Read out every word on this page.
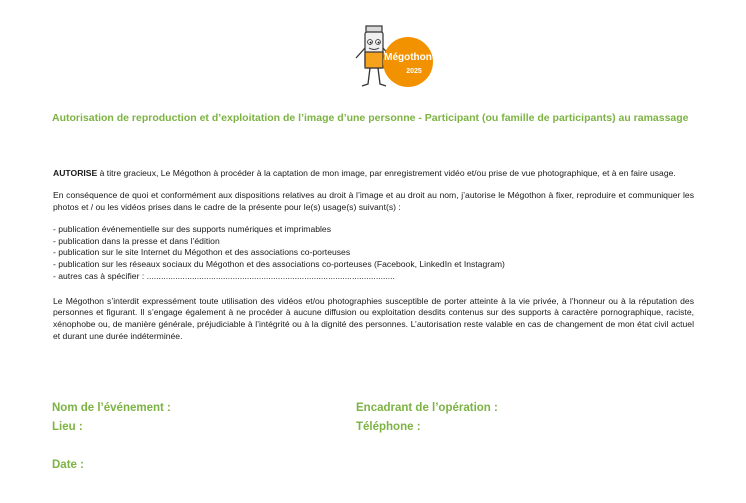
Mégothon
2025
Autorisation de reproduction et d’exploitation de l’image d’une personne - Participant (ou famille de participants) au ramassage

AUTORISE à titre gracieux, Le Mégothon à procéder à la captation de mon image, par enregistrement vidéo et/ou prise de vue photographique, et à en faire usage.

En conséquence de quoi et conformément aux dispositions relatives au droit à l’image et au droit au nom, j’autorise le Mégothon à fixer, reproduire et communiquer les photos et / ou les vidéos prises dans le cadre de la présente pour le(s) usage(s) suivant(s) :

- publication événementielle sur des supports numériques et imprimables
- publication dans la presse et dans l’édition
- publication sur le site Internet du Mégothon et des associations co-porteuses
- publication sur les réseaux sociaux du Mégothon et des associations co-porteuses (Facebook, LinkedIn et Instagram)
- autres cas à spécifier : ........................................................................................................

Le Mégothon s’interdit expressément toute utilisation des vidéos et/ou photographies susceptible de porter atteinte à la vie privée, à l’honneur ou à la réputation des personnes et figurant. Il s’engage également à ne procéder à aucune diffusion ou exploitation desdits contenus sur des supports à caractère pornographique, raciste, xénophobe ou, de manière générale, préjudiciable à l’intégrité ou à la dignité des personnes. L’autorisation reste valable en cas de changement de mon état civil actuel et durant une durée indéterminée.

Nom de l’événement :	Encadrant de l’opération :
Lieu :	Téléphone :
Date :
